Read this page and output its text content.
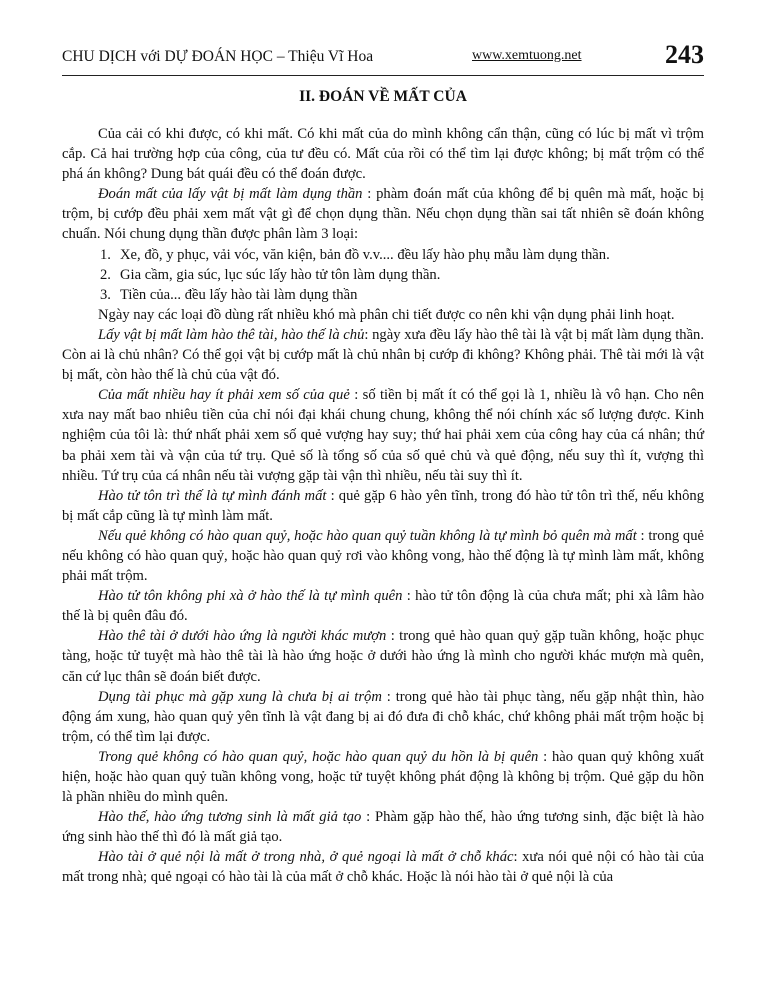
CHU DỊCH với DỰ ĐOÁN HỌC – Thiệu Vĩ Hoa	www.xemtuong.net	243
II. ĐOÁN VỀ MẤT CỦA

Của cải có khi được, có khi mất. Có khi mất của do mình không cẩn thận, cũng có lúc bị mất vì trộm cắp. Cả hai trường hợp của công, của tư đều có. Mất của rồi có thể tìm lại được không; bị mất trộm có thể phá án không? Dung bát quái đều có thể đoán được.

Đoán mất của lấy vật bị mất làm dụng thần : phàm đoán mất của không để bị quên mà mất, hoặc bị trộm, bị cướp đều phải xem mất vật gì để chọn dụng thần. Nếu chọn dụng thần sai tất nhiên sẽ đoán không chuẩn. Nói chung dụng thần được phân làm 3 loại:

1. Xe, đồ, y phục, vải vóc, văn kiện, bản đồ v.v.... đều lấy hào phụ mẫu làm dụng thần.

2. Gia cầm, gia súc, lục súc lấy hào tử tôn làm dụng thần.

3. Tiền của... đều lấy hào tài làm dụng thần

Ngày nay các loại đồ dùng rất nhiều khó mà phân chi tiết được co nên khi vận dụng phải linh hoạt.

Lấy vật bị mất làm hào thê tài, hào thế là chủ: ngày xưa đều lấy hào thê tài là vật bị mất làm dụng thần. Còn ai là chủ nhân? Có thể gọi vật bị cướp mất là chủ nhân bị cướp đi không? Không phải. Thê tài mới là vật bị mất, còn hào thế là chủ của vật đó.

Của mất nhiều hay ít phải xem số của quẻ : số tiền bị mất ít có thể gọi là 1, nhiều là vô hạn. Cho nên xưa nay mất bao nhiêu tiền của chỉ nói đại khái chung chung, không thể nói chính xác số lượng được. Kinh nghiệm của tôi là: thứ nhất phải xem số quẻ vượng hay suy; thứ hai phải xem của công hay của cá nhân; thứ ba phải xem tài và vận của tứ trụ. Quẻ số là tổng số của số quẻ chủ và quẻ động, nếu suy thì ít, vượng thì nhiều. Tứ trụ của cá nhân nếu tài vượng gặp tài vận thì nhiều, nếu tài suy thì ít.

Hào tử tôn trì thế là tự mình đánh mất : quẻ gặp 6 hào yên tĩnh, trong đó hào tử tôn trì thế, nếu không bị mất cắp cũng là tự mình làm mất.

Nếu quẻ không có hào quan quỷ, hoặc hào quan quỷ tuần không là tự mình bỏ quên mà mất : trong quẻ nếu không có hào quan quỷ, hoặc hào quan quỷ rơi vào không vong, hào thế động là tự mình làm mất, không phải mất trộm.

Hào tử tôn không phi xà ở hào thế là tự mình quên : hào tử tôn động là của chưa mất; phi xà lâm hào thế là bị quên đâu đó.

Hào thê tài ở dưới hào ứng là người khác mượn : trong quẻ hào quan quỷ gặp tuần không, hoặc phục tàng, hoặc tử tuyệt mà hào thê tài là hào ứng hoặc ở dưới hào ứng là mình cho người khác mượn mà quên, căn cứ lục thân sẽ đoán biết được.

Dụng tài phục mà gặp xung là chưa bị ai trộm : trong quẻ hào tài phục tàng, nếu gặp nhật thìn, hào động ám xung, hào quan quỷ yên tĩnh là vật đang bị ai đó đưa đi chỗ khác, chứ không phải mất trộm hoặc bị trộm, có thể tìm lại được.

Trong quẻ không có hào quan quỷ, hoặc hào quan quỷ du hồn là bị quên : hào quan quỷ không xuất hiện, hoặc hào quan quỷ tuần không vong, hoặc tử tuyệt không phát động là không bị trộm. Quẻ gặp du hồn là phần nhiều do mình quên.

Hào thế, hào ứng tương sinh là mất giả tạo : Phàm gặp hào thế, hào ứng tương sinh, đặc biệt là hào ứng sinh hào thế thì đó là mất giả tạo.

Hào tài ở quẻ nội là mất ở trong nhà, ở quẻ ngoại là mất ở chỗ khác: xưa nói quẻ nội có hào tài của mất trong nhà; quẻ ngoại có hào tài là của mất ở chỗ khác. Hoặc là nói hào tài ở quẻ nội là của
